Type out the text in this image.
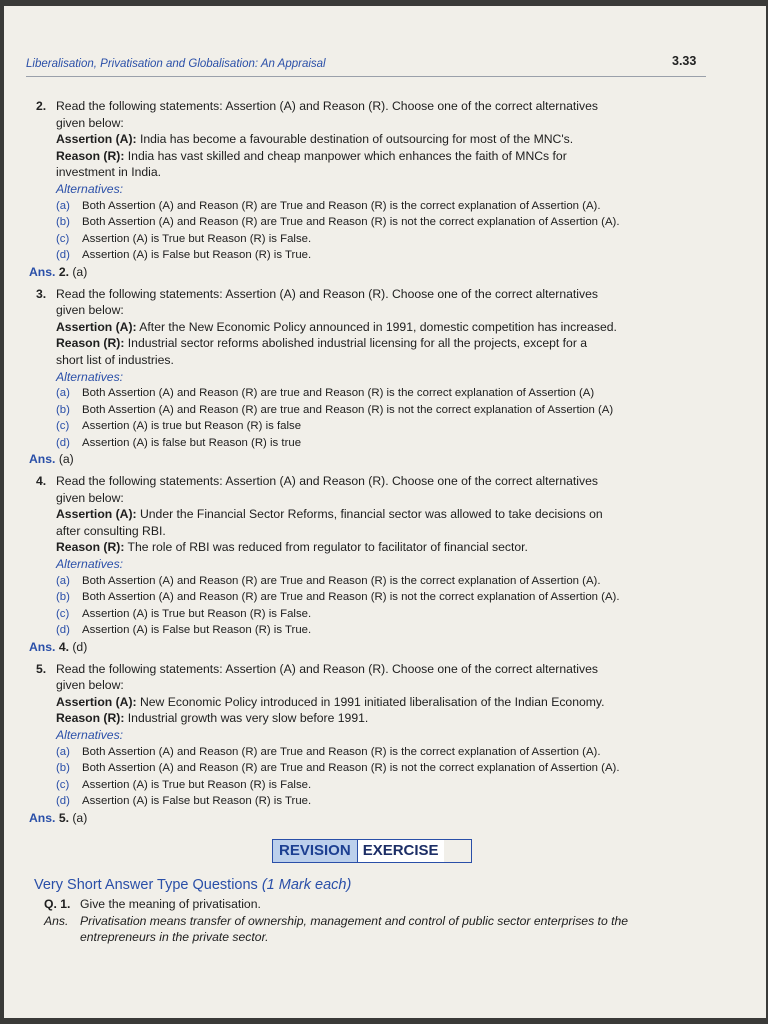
Liberalisation, Privatisation and Globalisation: An Appraisal	3.33
2. Read the following statements: Assertion (A) and Reason (R). Choose one of the correct alternatives
given below:
Assertion (A): India has become a favourable destination of outsourcing for most of the MNC's.
Reason (R): India has vast skilled and cheap manpower which enhances the faith of MNCs for
investment in India.
Alternatives:
(a) Both Assertion (A) and Reason (R) are True and Reason (R) is the correct explanation of Assertion (A).
(b) Both Assertion (A) and Reason (R) are True and Reason (R) is not the correct explanation of Assertion (A).
(c) Assertion (A) is True but Reason (R) is False.
(d) Assertion (A) is False but Reason (R) is True.
Ans. 2. (a)
3. Read the following statements: Assertion (A) and Reason (R). Choose one of the correct alternatives
given below:
Assertion (A): After the New Economic Policy announced in 1991, domestic competition has increased.
Reason (R): Industrial sector reforms abolished industrial licensing for all the projects, except for a
short list of industries.
Alternatives:
(a) Both Assertion (A) and Reason (R) are true and Reason (R) is the correct explanation of Assertion (A)
(b) Both Assertion (A) and Reason (R) are true and Reason (R) is not the correct explanation of Assertion (A)
(c) Assertion (A) is true but Reason (R) is false
(d) Assertion (A) is false but Reason (R) is true
Ans. (a)
4. Read the following statements: Assertion (A) and Reason (R). Choose one of the correct alternatives
given below:
Assertion (A): Under the Financial Sector Reforms, financial sector was allowed to take decisions on
after consulting RBI.
Reason (R): The role of RBI was reduced from regulator to facilitator of financial sector.
Alternatives:
(a) Both Assertion (A) and Reason (R) are True and Reason (R) is the correct explanation of Assertion (A).
(b) Both Assertion (A) and Reason (R) are True and Reason (R) is not the correct explanation of Assertion (A).
(c) Assertion (A) is True but Reason (R) is False.
(d) Assertion (A) is False but Reason (R) is True.
Ans. 4. (d)
5. Read the following statements: Assertion (A) and Reason (R). Choose one of the correct alternatives
given below:
Assertion (A): New Economic Policy introduced in 1991 initiated liberalisation of the Indian Economy.
Reason (R): Industrial growth was very slow before 1991.
Alternatives:
(a) Both Assertion (A) and Reason (R) are True and Reason (R) is the correct explanation of Assertion (A).
(b) Both Assertion (A) and Reason (R) are True and Reason (R) is not the correct explanation of Assertion (A).
(c) Assertion (A) is True but Reason (R) is False.
(d) Assertion (A) is False but Reason (R) is True.
Ans. 5. (a)
REVISION EXERCISE
Very Short Answer Type Questions (1 Mark each)
Q. 1. Give the meaning of privatisation.
Ans. Privatisation means transfer of ownership, management and control of public sector enterprises to the
entrepreneurs in the private sector.
